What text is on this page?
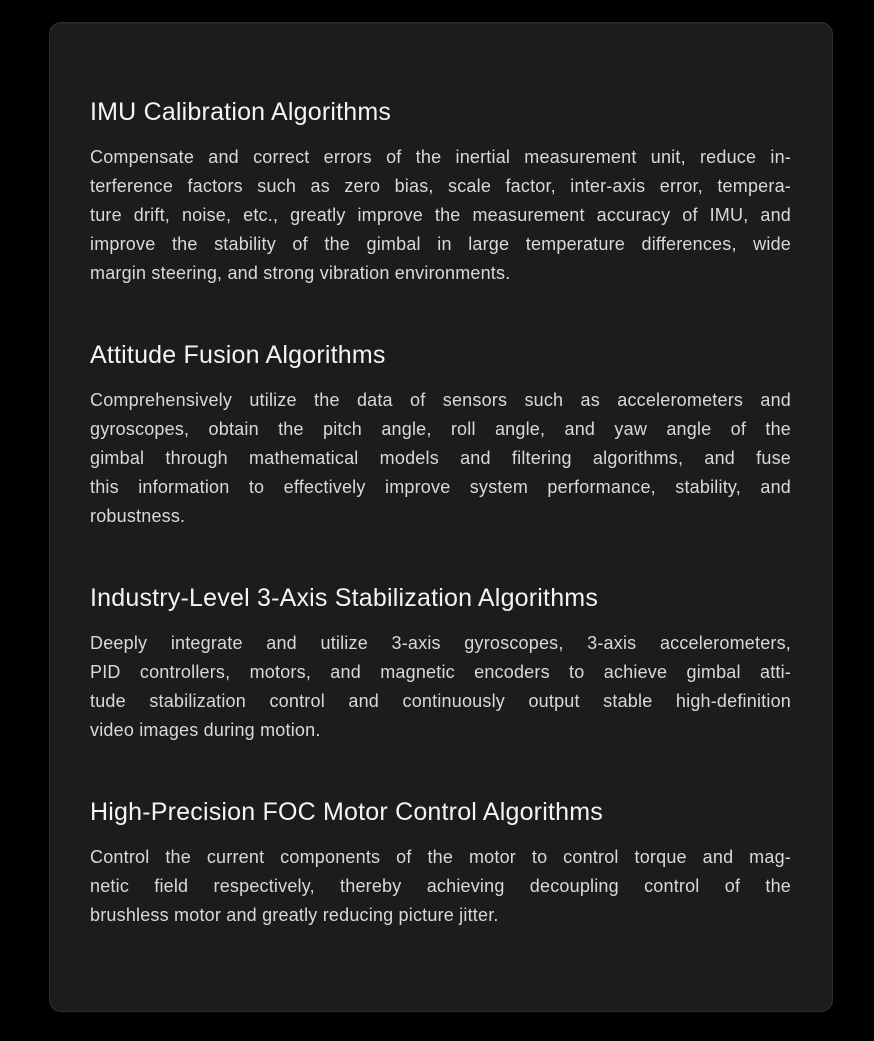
IMU Calibration Algorithms

Compensate and correct errors of the inertial measurement unit, reduce in-
terference factors such as zero bias, scale factor, inter-axis error, tempera-
ture drift, noise, etc., greatly improve the measurement accuracy of IMU, and
improve the stability of the gimbal in large temperature differences, wide
margin steering, and strong vibration environments.

Attitude Fusion Algorithms

Comprehensively utilize the data of sensors such as accelerometers and
gyroscopes, obtain the pitch angle, roll angle, and yaw angle of the
gimbal through mathematical models and filtering algorithms, and fuse
this information to effectively improve system performance, stability, and
robustness.

Industry-Level 3-Axis Stabilization Algorithms

Deeply integrate and utilize 3-axis gyroscopes, 3-axis accelerometers,
PID controllers, motors, and magnetic encoders to achieve gimbal atti-
tude stabilization control and continuously output stable high-definition
video images during motion.

High-Precision FOC Motor Control Algorithms

Control the current components of the motor to control torque and mag-
netic field respectively, thereby achieving decoupling control of the
brushless motor and greatly reducing picture jitter.
